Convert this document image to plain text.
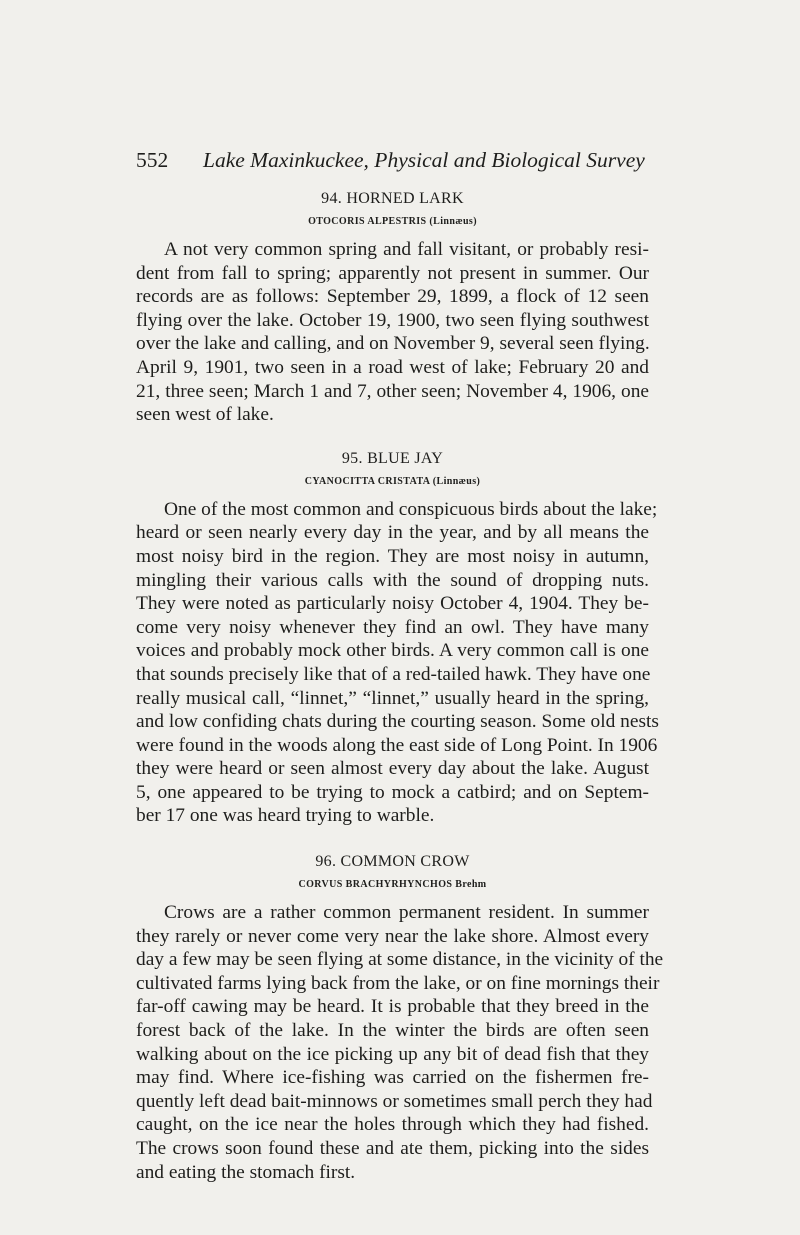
552 Lake Maxinkuckee, Physical and Biological Survey

94. HORNED LARK

OTOCORIS ALPESTRIS (Linnæus)

A not very common spring and fall visitant, or probably resi-
dent from fall to spring; apparently not present in summer. Our
records are as follows: September 29, 1899, a flock of 12 seen
flying over the lake. October 19, 1900, two seen flying southwest
over the lake and calling, and on November 9, several seen flying.
April 9, 1901, two seen in a road west of lake; February 20 and
21, three seen; March 1 and 7, other seen; November 4, 1906, one
seen west of lake.

95. BLUE JAY

CYANOCITTA CRISTATA (Linnæus)

One of the most common and conspicuous birds about the lake;
heard or seen nearly every day in the year, and by all means the
most noisy bird in the region. They are most noisy in autumn,
mingling their various calls with the sound of dropping nuts.
They were noted as particularly noisy October 4, 1904. They be-
come very noisy whenever they find an owl. They have many
voices and probably mock other birds. A very common call is one
that sounds precisely like that of a red-tailed hawk. They have one
really musical call, “linnet,” “linnet,” usually heard in the spring,
and low confiding chats during the courting season. Some old nests
were found in the woods along the east side of Long Point. In 1906
they were heard or seen almost every day about the lake. August
5, one appeared to be trying to mock a catbird; and on Septem-
ber 17 one was heard trying to warble.

96. COMMON CROW

CORVUS BRACHYRHYNCHOS Brehm

Crows are a rather common permanent resident. In summer
they rarely or never come very near the lake shore. Almost every
day a few may be seen flying at some distance, in the vicinity of the
cultivated farms lying back from the lake, or on fine mornings their
far-off cawing may be heard. It is probable that they breed in the
forest back of the lake. In the winter the birds are often seen
walking about on the ice picking up any bit of dead fish that they
may find. Where ice-fishing was carried on the fishermen fre-
quently left dead bait-minnows or sometimes small perch they had
caught, on the ice near the holes through which they had fished.
The crows soon found these and ate them, picking into the sides
and eating the stomach first.
